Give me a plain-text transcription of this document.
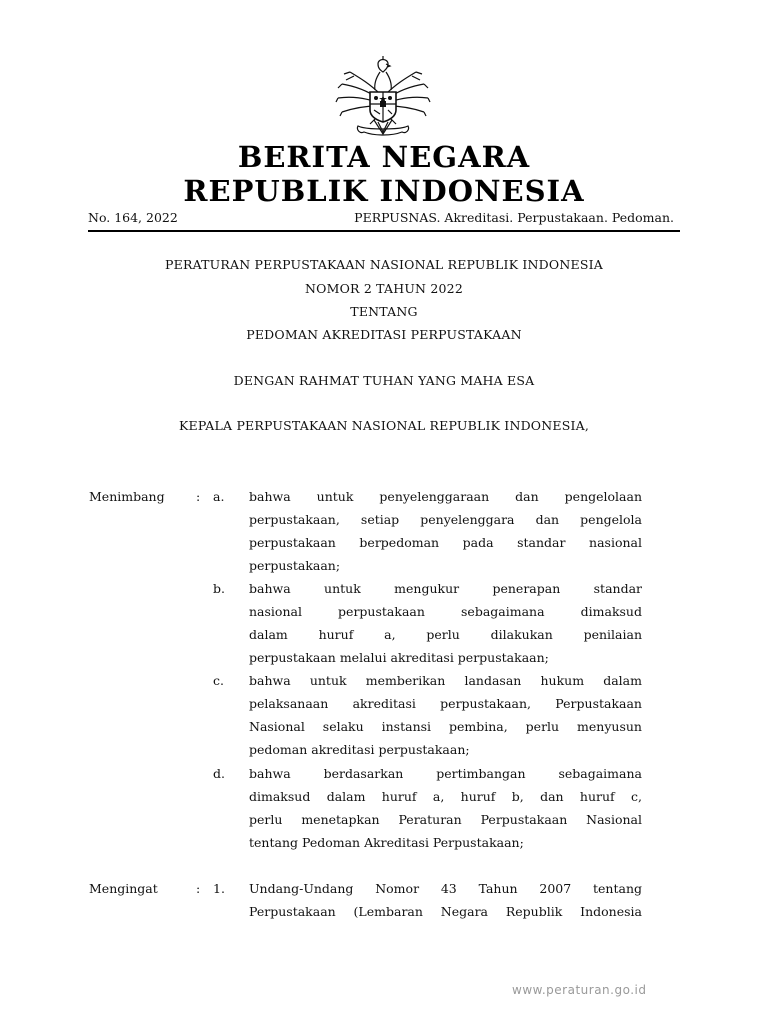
BERITA NEGARA
REPUBLIK INDONESIA
No. 164, 2022	PERPUSNAS. Akreditasi. Perpustakaan. Pedoman.
PERATURAN PERPUSTAKAAN NASIONAL REPUBLIK INDONESIA
NOMOR 2 TAHUN 2022
TENTANG
PEDOMAN AKREDITASI PERPUSTAKAAN
DENGAN RAHMAT TUHAN YANG MAHA ESA
KEPALA PERPUSTAKAAN NASIONAL REPUBLIK INDONESIA,
Menimbang	: a. bahwa untuk penyelenggaraan dan pengelolaan
perpustakaan, setiap penyelenggara dan pengelola
perpustakaan berpedoman pada standar nasional
perpustakaan;
b. bahwa untuk mengukur penerapan standar
nasional perpustakaan sebagaimana dimaksud
dalam huruf a, perlu dilakukan penilaian
perpustakaan melalui akreditasi perpustakaan;
c. bahwa untuk memberikan landasan hukum dalam
pelaksanaan akreditasi perpustakaan, Perpustakaan
Nasional selaku instansi pembina, perlu menyusun
pedoman akreditasi perpustakaan;
d. bahwa berdasarkan pertimbangan sebagaimana
dimaksud dalam huruf a, huruf b, dan huruf c,
perlu menetapkan Peraturan Perpustakaan Nasional
tentang Pedoman Akreditasi Perpustakaan;
Mengingat	: 1. Undang-Undang Nomor 43 Tahun 2007 tentang
Perpustakaan (Lembaran Negara Republik Indonesia
www.peraturan.go.id
